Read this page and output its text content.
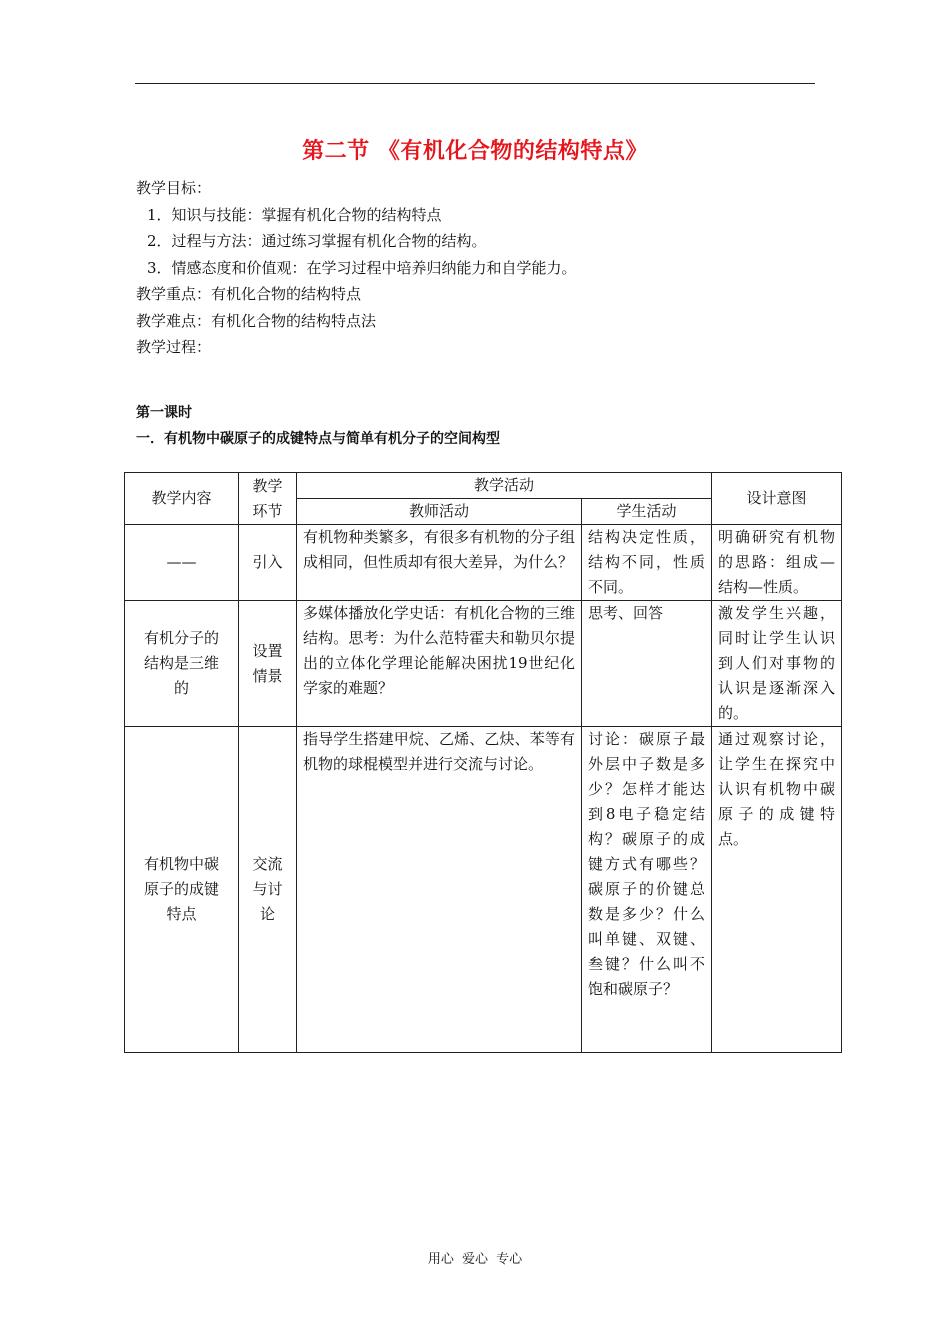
第二节 《有机化合物的结构特点》
教学目标：
1．知识与技能：掌握有机化合物的结构特点
2．过程与方法：通过练习掌握有机化合物的结构。
3．情感态度和价值观：在学习过程中培养归纳能力和自学能力。
教学重点：有机化合物的结构特点
教学难点：有机化合物的结构特点法
教学过程：
第一课时
一．有机物中碳原子的成键特点与简单有机分子的空间构型
教学内容	教学环节	教学活动		设计意图
		教师活动	学生活动	
——	引入	有机物种类繁多，有很多有机物的分子组成相同，但性质却有很大差异，为什么？	结构决定性质，结构不同，性质不同。	明确研究有机物的思路：组成—结构—性质。
有机分子的结构是三维的	设置情景	多媒体播放化学史话：有机化合物的三维结构。思考：为什么范特霍夫和勒贝尔提出的立体化学理论能解决困扰19世纪化学家的难题？	思考、回答	激发学生兴趣，同时让学生认识到人们对事物的认识是逐渐深入的。
有机物中碳原子的成键特点	交流与讨论	指导学生搭建甲烷、乙烯、乙炔、苯等有机物的球棍模型并进行交流与讨论。	讨论：碳原子最外层中子数是多少？怎样才能达到8电子稳定结构？碳原子的成键方式有哪些？碳原子的价键总数是多少？什么叫单键、双键、叁键？什么叫不饱和碳原子？	通过观察讨论，让学生在探究中认识有机物中碳原子的成键特点。
用心 爱心 专心
